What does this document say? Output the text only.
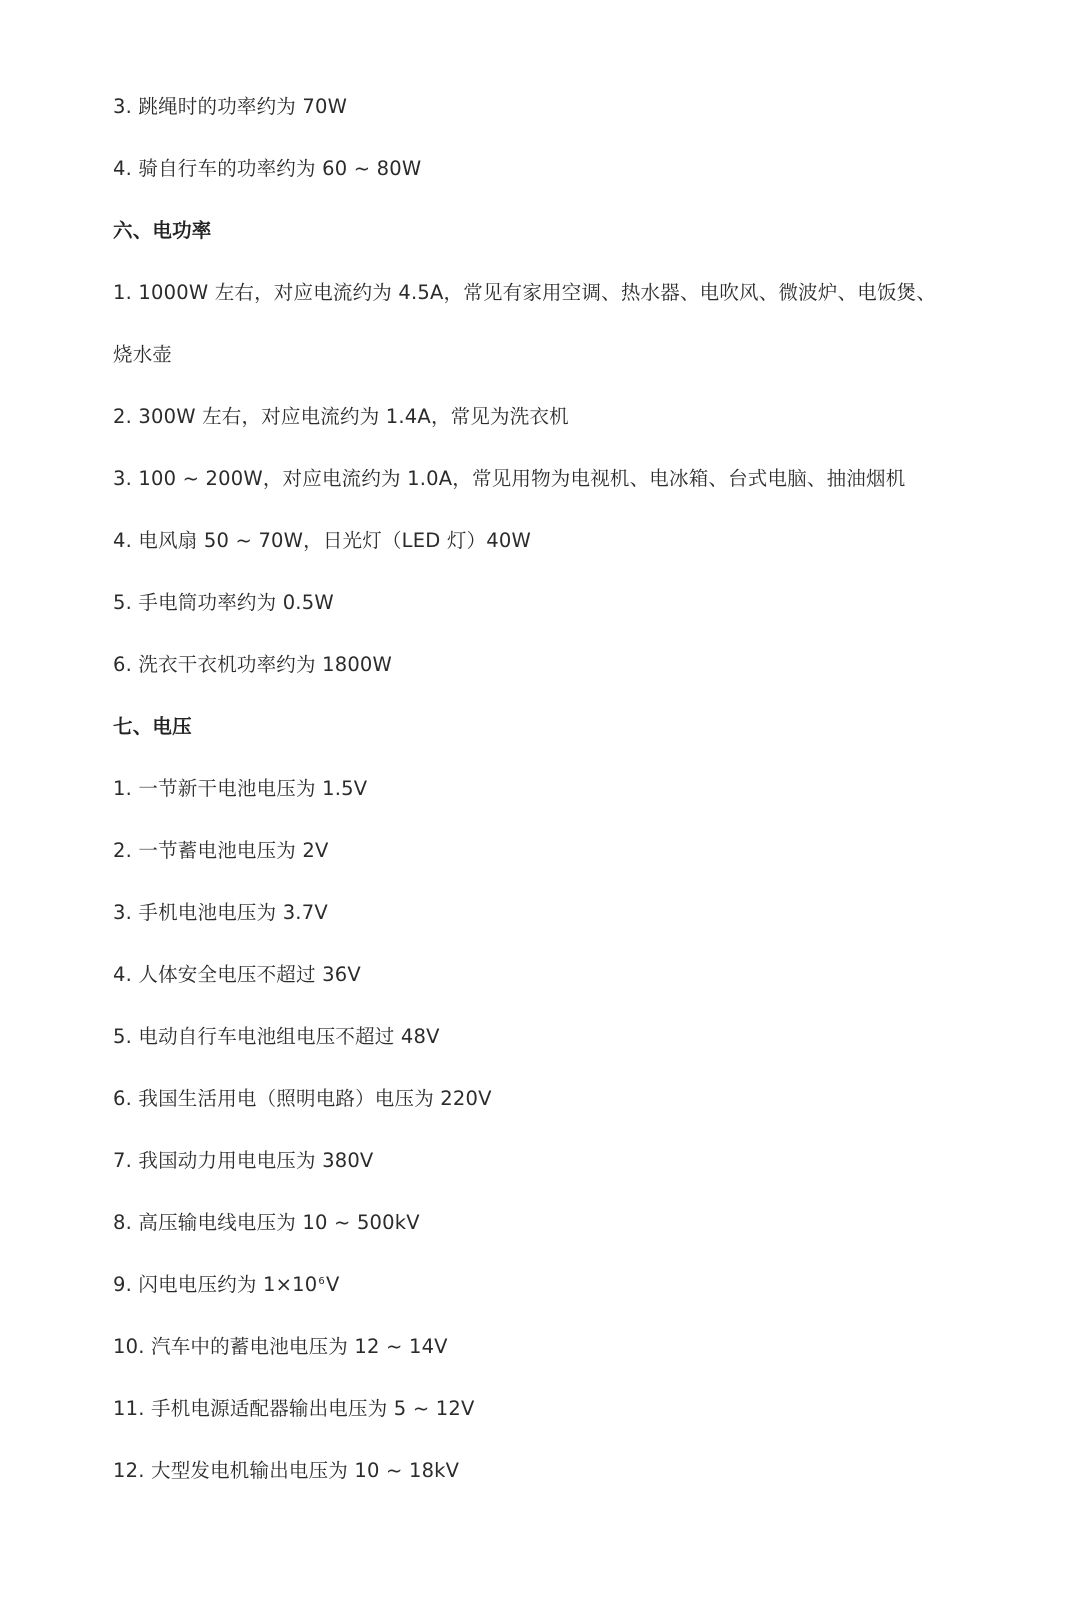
3. 跳绳时的功率约为 70W
4. 骑自行车的功率约为 60 ~ 80W
六、电功率
1. 1000W 左右，对应电流约为 4.5A，常见有家用空调、热水器、电吹风、微波炉、电饭煲、
烧水壶
2. 300W 左右，对应电流约为 1.4A，常见为洗衣机
3. 100 ~ 200W，对应电流约为 1.0A，常见用物为电视机、电冰箱、台式电脑、抽油烟机
4. 电风扇 50 ~ 70W，日光灯（LED 灯）40W
5. 手电筒功率约为 0.5W
6. 洗衣干衣机功率约为 1800W
七、电压
1. 一节新干电池电压为 1.5V
2. 一节蓄电池电压为 2V
3. 手机电池电压为 3.7V
4. 人体安全电压不超过 36V
5. 电动自行车电池组电压不超过 48V
6. 我国生活用电（照明电路）电压为 220V
7. 我国动力用电电压为 380V
8. 高压输电线电压为 10 ~ 500kV
9. 闪电电压约为 $1\times 10^6V$
10. 汽车中的蓄电池电压为 12 ~ 14V
11. 手机电源适配器输出电压为 5 ~ 12V
12. 大型发电机输出电压为 10 ~ 18kV
